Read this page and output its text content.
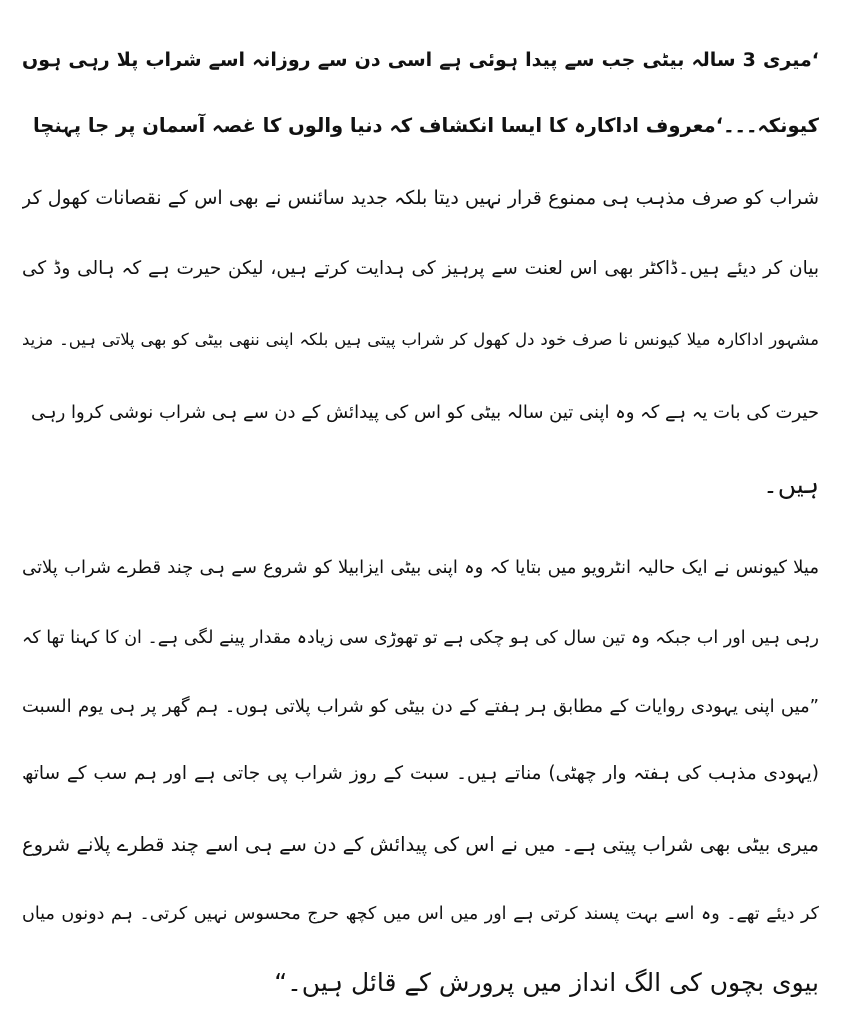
‘میری 3 سالہ بیٹی جب سے پیدا ہوئی ہے اسی دن سے روزانہ اسے شراب پلا رہی ہوں
کیونکہ۔۔۔‘معروف اداکارہ کا ایسا انکشاف کہ دنیا والوں کا غصہ آسمان پر جا پہنچا
شراب کو صرف مذہب ہی ممنوع قرار نہیں دیتا بلکہ جدید سائنس نے بھی اس کے نقصانات کھول کر
بیان کر دیئے ہیں۔ڈاکٹر بھی اس لعنت سے پرہیز کی ہدایت کرتے ہیں، لیکن حیرت ہے کہ ہالی وڈ کی
مشہور اداکارہ میلا کیونس نا صرف خود دل کھول کر شراب پیتی ہیں بلکہ اپنی ننھی بیٹی کو بھی پلاتی ہیں۔ مزید
حیرت کی بات یہ ہے کہ وہ اپنی تین سالہ بیٹی کو اس کی پیدائش کے دن سے ہی شراب نوشی کروا رہی
ہیں۔
میلا کیونس نے ایک حالیہ انٹرویو میں بتایا کہ وہ اپنی بیٹی ایزابیلا کو شروع سے ہی چند قطرے شراب پلاتی
رہی ہیں اور اب جبکہ وہ تین سال کی ہو چکی ہے تو تھوڑی سی زیادہ مقدار پینے لگی ہے۔ ان کا کہنا تھا کہ
”میں اپنی یہودی روایات کے مطابق ہر ہفتے کے دن بیٹی کو شراب پلاتی ہوں۔ ہم گھر پر ہی یوم السبت
(یہودی مذہب کی ہفتہ وار چھٹی) مناتے ہیں۔ سبت کے روز شراب پی جاتی ہے اور ہم سب کے ساتھ
میری بیٹی بھی شراب پیتی ہے۔ میں نے اس کی پیدائش کے دن سے ہی اسے چند قطرے پلانے شروع
کر دیئے تھے۔ وہ اسے بہت پسند کرتی ہے اور میں اس میں کچھ حرج محسوس نہیں کرتی۔ ہم دونوں میاں
بیوی بچوں کی الگ انداز میں پرورش کے قائل ہیں۔“
